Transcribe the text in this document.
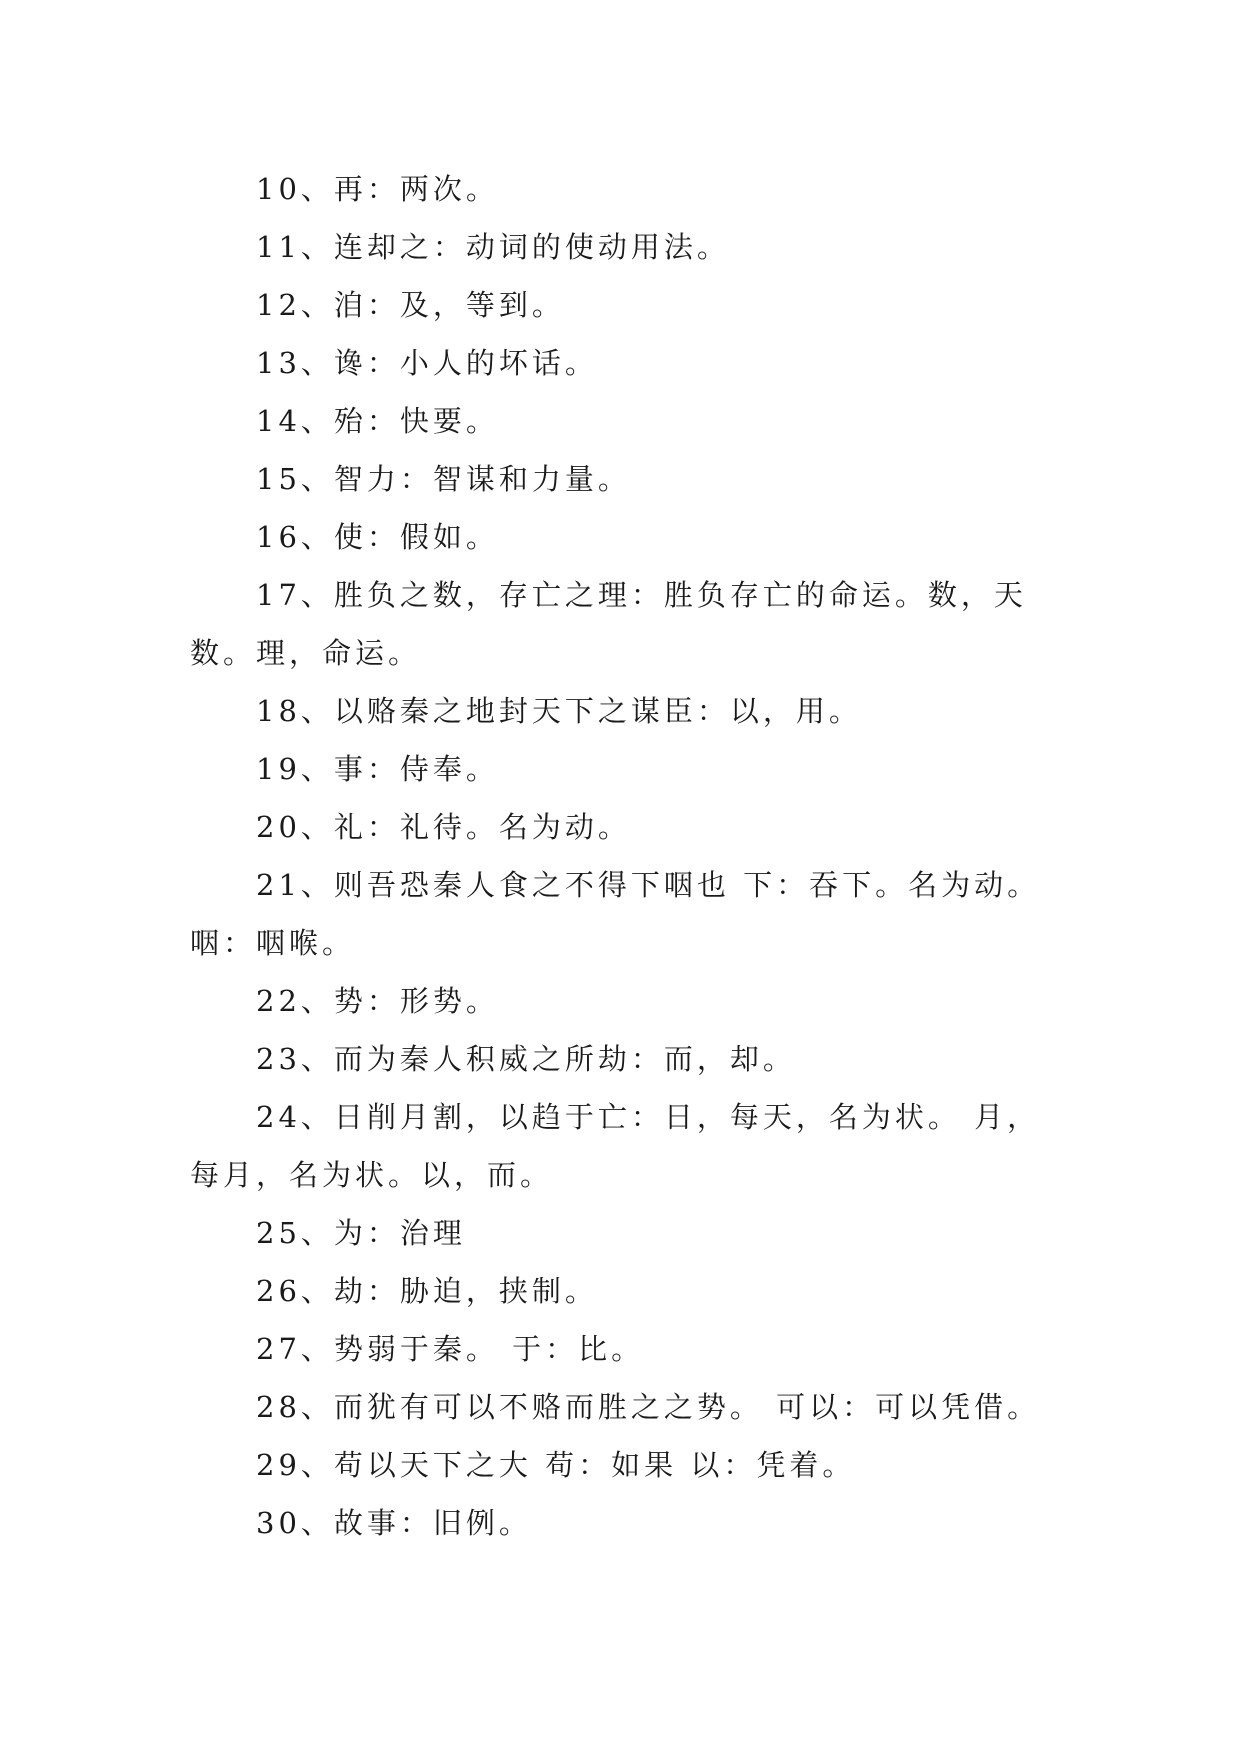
10、再：两次。

11、连却之：动词的使动用法。

12、洎：及，等到。

13、谗：小人的坏话。

14、殆：快要。

15、智力：智谋和力量。

16、使：假如。

17、胜负之数，存亡之理：胜负存亡的命运。数，天数。理，命运。

18、以赂秦之地封天下之谋臣：以，用。

19、事：侍奉。

20、礼：礼待。名为动。

21、则吾恐秦人食之不得下咽也 下：吞下。名为动。咽：咽喉。

22、势：形势。

23、而为秦人积威之所劫：而，却。

24、日削月割，以趋于亡：日，每天，名为状。 月，每月，名为状。以，而。

25、为：治理

26、劫：胁迫，挟制。

27、势弱于秦。 于：比。

28、而犹有可以不赂而胜之之势。 可以：可以凭借。

29、苟以天下之大 苟：如果 以：凭着。

30、故事：旧例。
